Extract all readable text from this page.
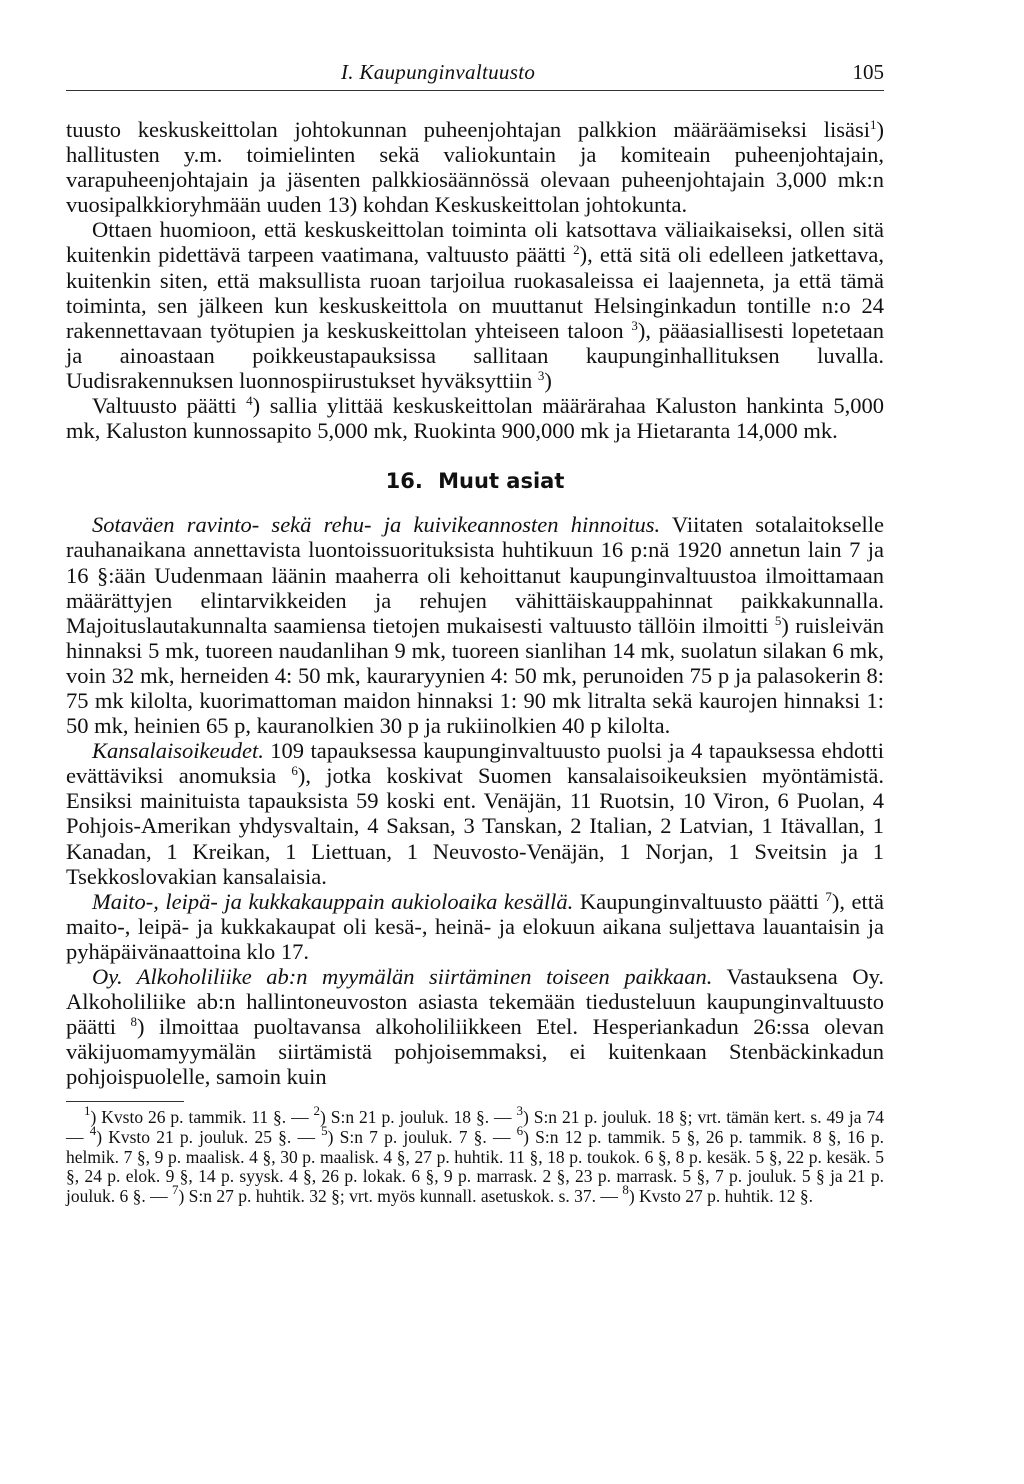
I. Kaupunginvaltuusto	105

tuusto keskuskeittolan johtokunnan puheenjohtajan palkkion määräämiseksi lisäsi$^1$) hallitusten y.m. toimielinten sekä valiokuntain ja komiteain puheenjohtajain, varapuheenjohtajain ja jäsenten palkkiosäännössä olevaan puheenjohtajain 3,000 mk:n vuosipalkkioryhmään uuden 13) kohdan Keskuskeittolan johtokunta.

Ottaen huomioon, että keskuskeittolan toiminta oli katsottava väliaikaiseksi, ollen sitä kuitenkin pidettävä tarpeen vaatimana, valtuusto päätti $^2$), että sitä oli edelleen jatkettava, kuitenkin siten, että maksullista ruoan tarjoilua ruokasaleissa ei laajenneta, ja että tämä toiminta, sen jälkeen kun keskuskeittola on muuttanut Helsinginkadun tontille n:o 24 rakennettavaan työtupien ja keskuskeittolan yhteiseen taloon $^3$), pääasiallisesti lopetetaan ja ainoastaan poikkeustapauksissa sallitaan kaupunginhallituksen luvalla. Uudisrakennuksen luonnospiirustukset hyväksyttiin $^3$)

Valtuusto päätti $^4$) sallia ylittää keskuskeittolan määrärahaa Kaluston hankinta 5,000 mk, Kaluston kunnossapito 5,000 mk, Ruokinta 900,000 mk ja Hietaranta 14,000 mk.

16. Muut asiat

Sotaväen ravinto- sekä rehu- ja kuivikeannosten hinnoitus. Viitaten sotalaitokselle rauhanaikana annettavista luontoissuorituksista huhtikuun 16 p:nä 1920 annetun lain 7 ja 16 §:ään Uudenmaan läänin maaherra oli kehoittanut kaupunginvaltuustoa ilmoittamaan määrättyjen elintarvikkeiden ja rehujen vähittäiskauppahinnat paikkakunnalla. Majoituslautakunnalta saamiensa tietojen mukaisesti valtuusto tällöin ilmoitti $^5$) ruisleivän hinnaksi 5 mk, tuoreen naudanlihan 9 mk, tuoreen sianlihan 14 mk, suolatun silakan 6 mk, voin 32 mk, herneiden 4: 50 mk, kauraryynien 4: 50 mk, perunoiden 75 p ja palasokerin 8: 75 mk kilolta, kuorimattoman maidon hinnaksi 1: 90 mk litralta sekä kaurojen hinnaksi 1: 50 mk, heinien 65 p, kauranolkien 30 p ja rukiinolkien 40 p kilolta.

Kansalaisoikeudet. 109 tapauksessa kaupunginvaltuusto puolsi ja 4 tapauksessa ehdotti evättäviksi anomuksia $^6$), jotka koskivat Suomen kansalaisoikeuksien myöntämistä. Ensiksi mainituista tapauksista 59 koski ent. Venäjän, 11 Ruotsin, 10 Viron, 6 Puolan, 4 Pohjois-Amerikan yhdysvaltain, 4 Saksan, 3 Tanskan, 2 Italian, 2 Latvian, 1 Itävallan, 1 Kanadan, 1 Kreikan, 1 Liettuan, 1 Neuvosto-Venäjän, 1 Norjan, 1 Sveitsin ja 1 Tsekkoslovakian kansalaisia.

Maito-, leipä- ja kukkakauppain aukioloaika kesällä. Kaupunginvaltuusto päätti $^7$), että maito-, leipä- ja kukkakaupat oli kesä-, heinä- ja elokuun aikana suljettava lauantaisin ja pyhäpäivänaattoina klo 17.

Oy. Alkoholiliike ab:n myymälän siirtäminen toiseen paikkaan. Vastauksena Oy. Alkoholiliike ab:n hallintoneuvoston asiasta tekemään tiedusteluun kaupunginvaltuusto päätti $^8$) ilmoittaa puoltavansa alkoholiliikkeen Etel. Hesperiankadun 26:ssa olevan väkijuomamyymälän siirtämistä pohjoisemmaksi, ei kuitenkaan Stenbäckinkadun pohjoispuolelle, samoin kuin

$^1$) Kvsto 26 p. tammik. 11 §. — $^2$) S:n 21 p. jouluk. 18 §. — $^3$) S:n 21 p. jouluk. 18 §; vrt. tämän kert. s. 49 ja 74 — $^4$) Kvsto 21 p. jouluk. 25 §. — $^5$) S:n 7 p. jouluk. 7 §. — $^6$) S:n 12 p. tammik. 5 §, 26 p. tammik. 8 §, 16 p. helmik. 7 §, 9 p. maalisk. 4 §, 30 p. maalisk. 4 §, 27 p. huhtik. 11 §, 18 p. toukok. 6 §, 8 p. kesäk. 5 §, 22 p. kesäk. 5 §, 24 p. elok. 9 §, 14 p. syysk. 4 §, 26 p. lokak. 6 §, 9 p. marrask. 2 §, 23 p. marrask. 5 §, 7 p. jouluk. 5 § ja 21 p. jouluk. 6 §. — $^7$) S:n 27 p. huhtik. 32 §; vrt. myös kunnall. asetuskok. s. 37. — $^8$) Kvsto 27 p. huhtik. 12 §.
